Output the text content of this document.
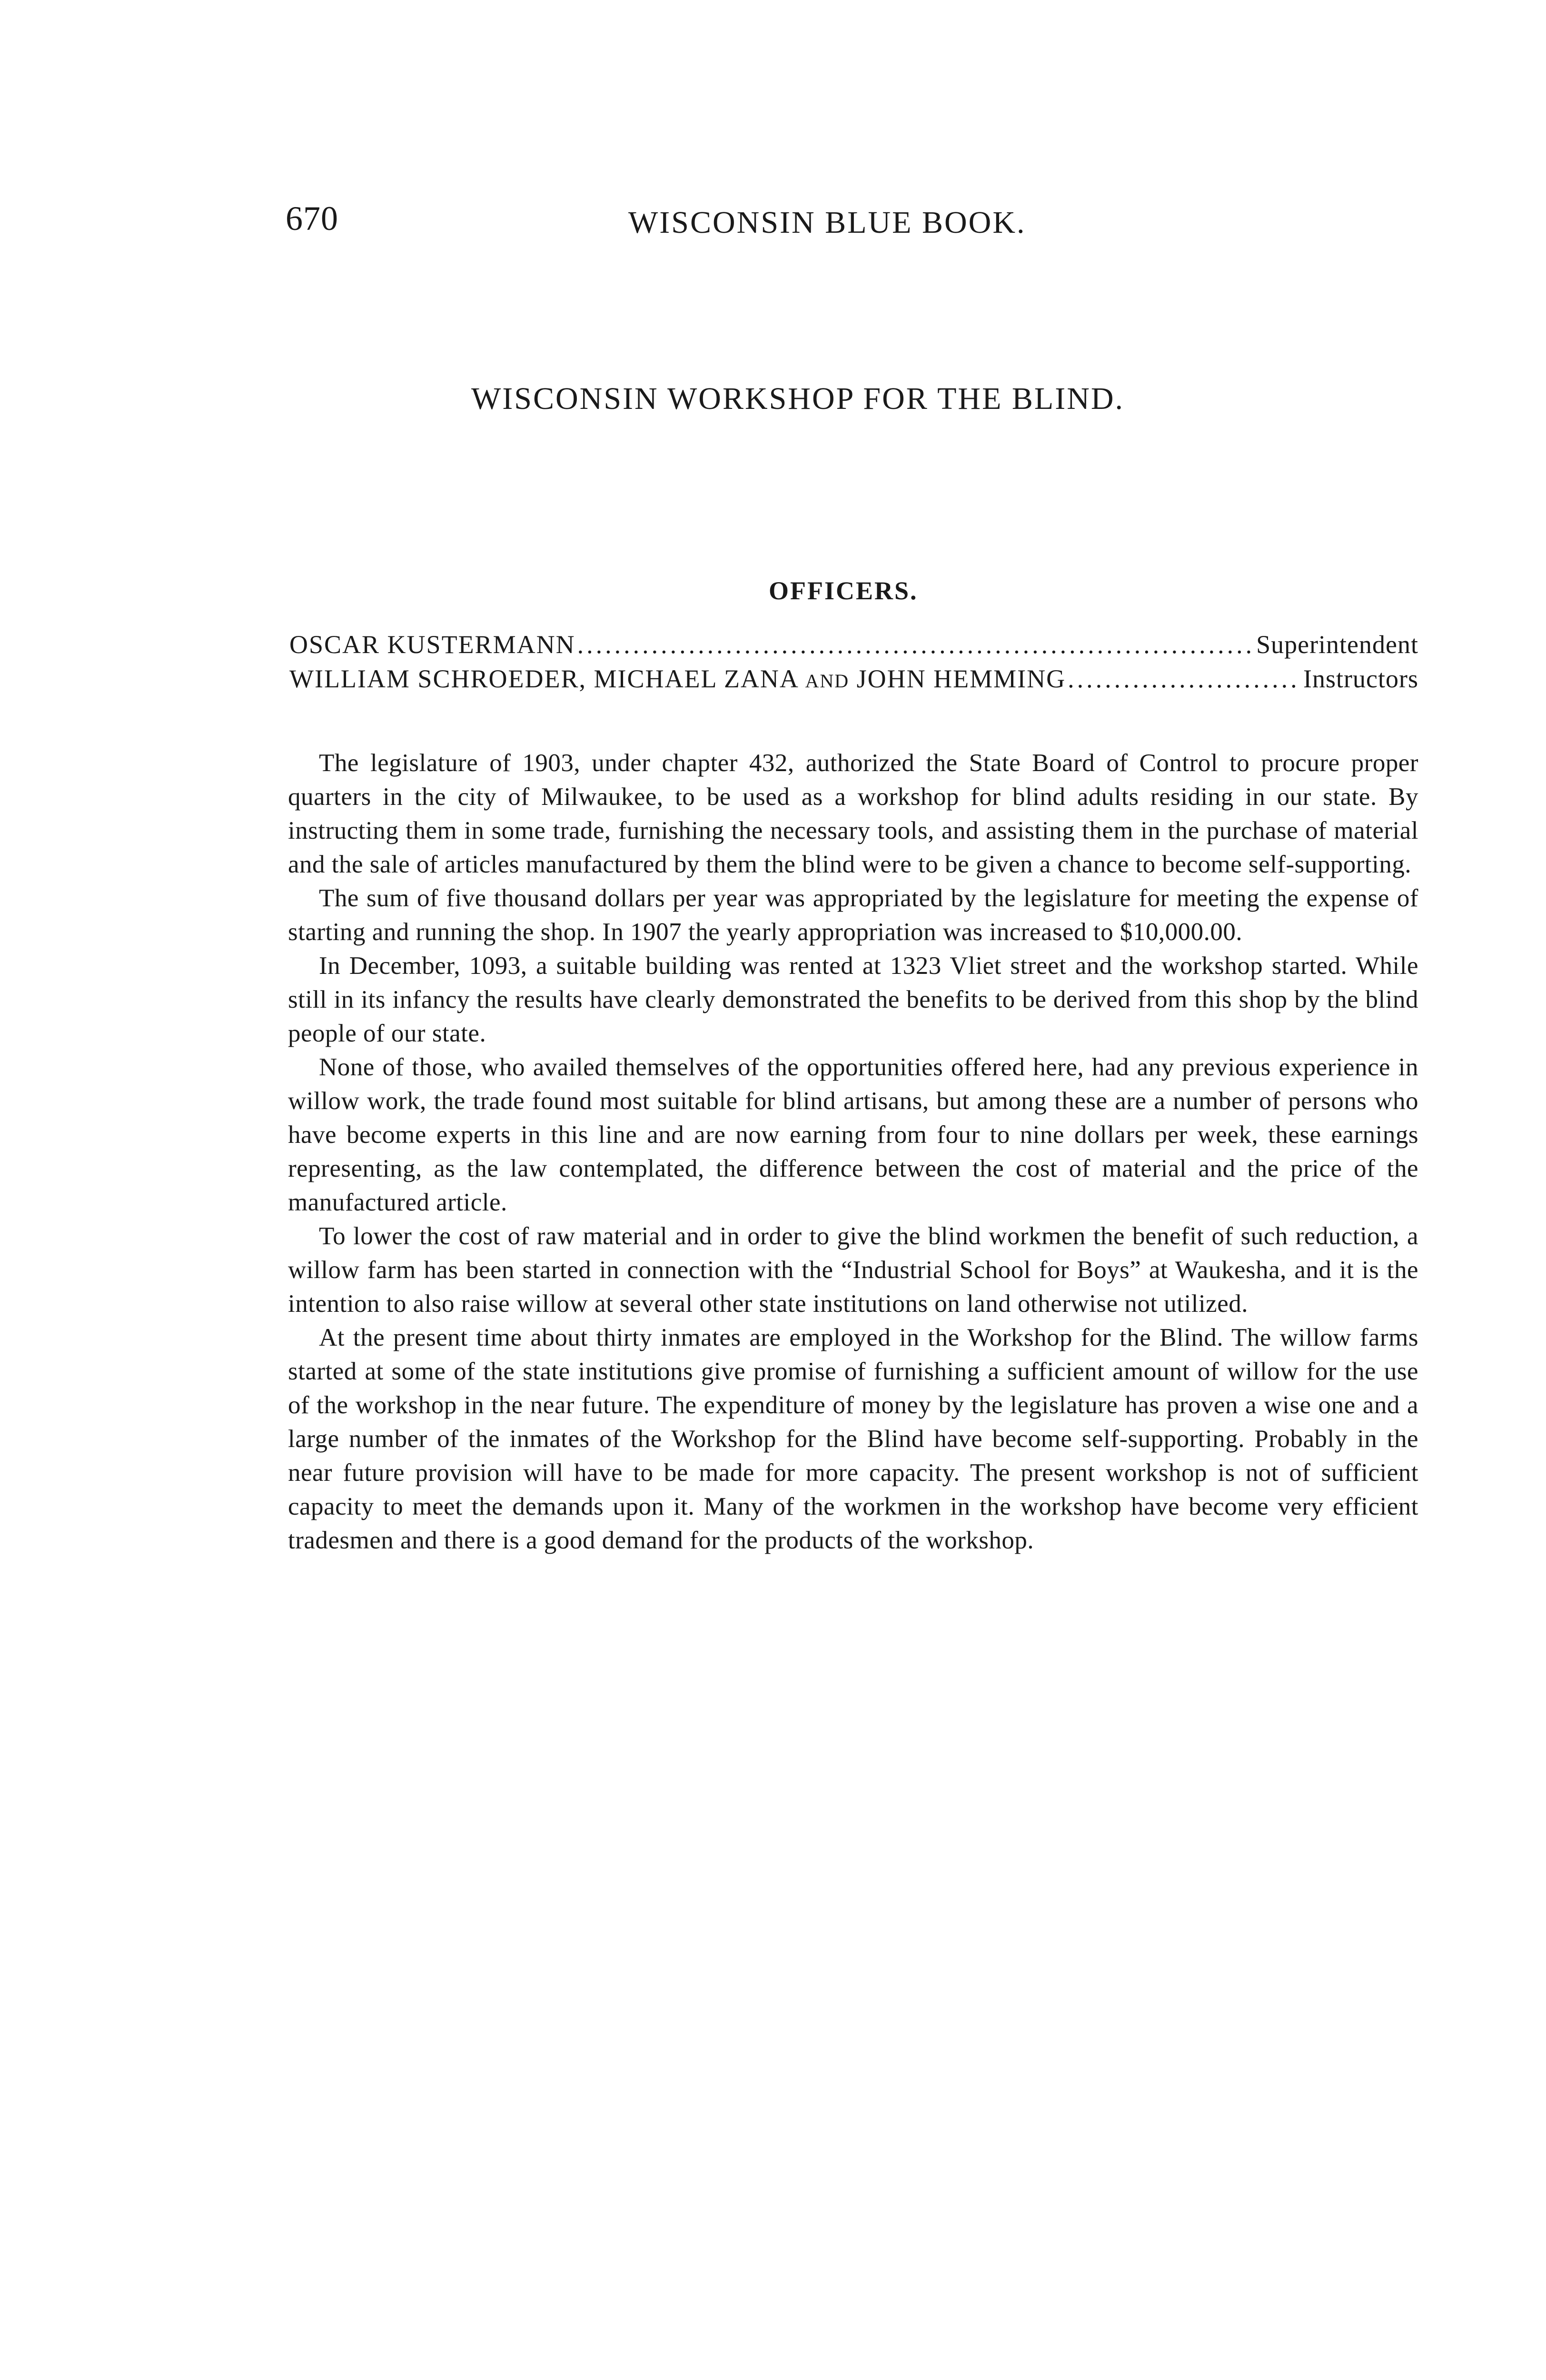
670	WISCONSIN BLUE BOOK.
WISCONSIN WORKSHOP FOR THE BLIND.
OFFICERS.
OSCAR KUSTERMANN .....	Superintendent
WILLIAM SCHROEDER, MICHAEL ZANA AND JOHN HEMMING .....	Instructors

The legislature of 1903, under chapter 432, authorized the State Board of Control to procure proper quarters in the city of Milwaukee, to be used as a workshop for blind adults residing in our state. By instructing them in some trade, furnishing the necessary tools, and assisting them in the purchase of material and the sale of articles manufactured by them the blind were to be given a chance to become self-supporting.

The sum of five thousand dollars per year was appropriated by the legislature for meeting the expense of starting and running the shop. In 1907 the yearly appropriation was increased to $10,000.00.

In December, 1093, a suitable building was rented at 1323 Vliet street and the workshop started. While still in its infancy the results have clearly demonstrated the benefits to be derived from this shop by the blind people of our state.

None of those, who availed themselves of the opportunities offered here, had any previous experience in willow work, the trade found most suitable for blind artisans, but among these are a number of persons who have become experts in this line and are now earning from four to nine dollars per week, these earnings representing, as the law contemplated, the difference between the cost of material and the price of the manufactured article.

To lower the cost of raw material and in order to give the blind workmen the benefit of such reduction, a willow farm has been started in connection with the “Industrial School for Boys” at Waukesha, and it is the intention to also raise willow at several other state institutions on land otherwise not utilized.

At the present time about thirty inmates are employed in the Workshop for the Blind. The willow farms started at some of the state institutions give promise of furnishing a sufficient amount of willow for the use of the workshop in the near future. The expenditure of money by the legislature has proven a wise one and a large number of the inmates of the Workshop for the Blind have become self-supporting. Probably in the near future provision will have to be made for more capacity. The present workshop is not of sufficient capacity to meet the demands upon it. Many of the workmen in the workshop have become very efficient tradesmen and there is a good demand for the products of the workshop.
